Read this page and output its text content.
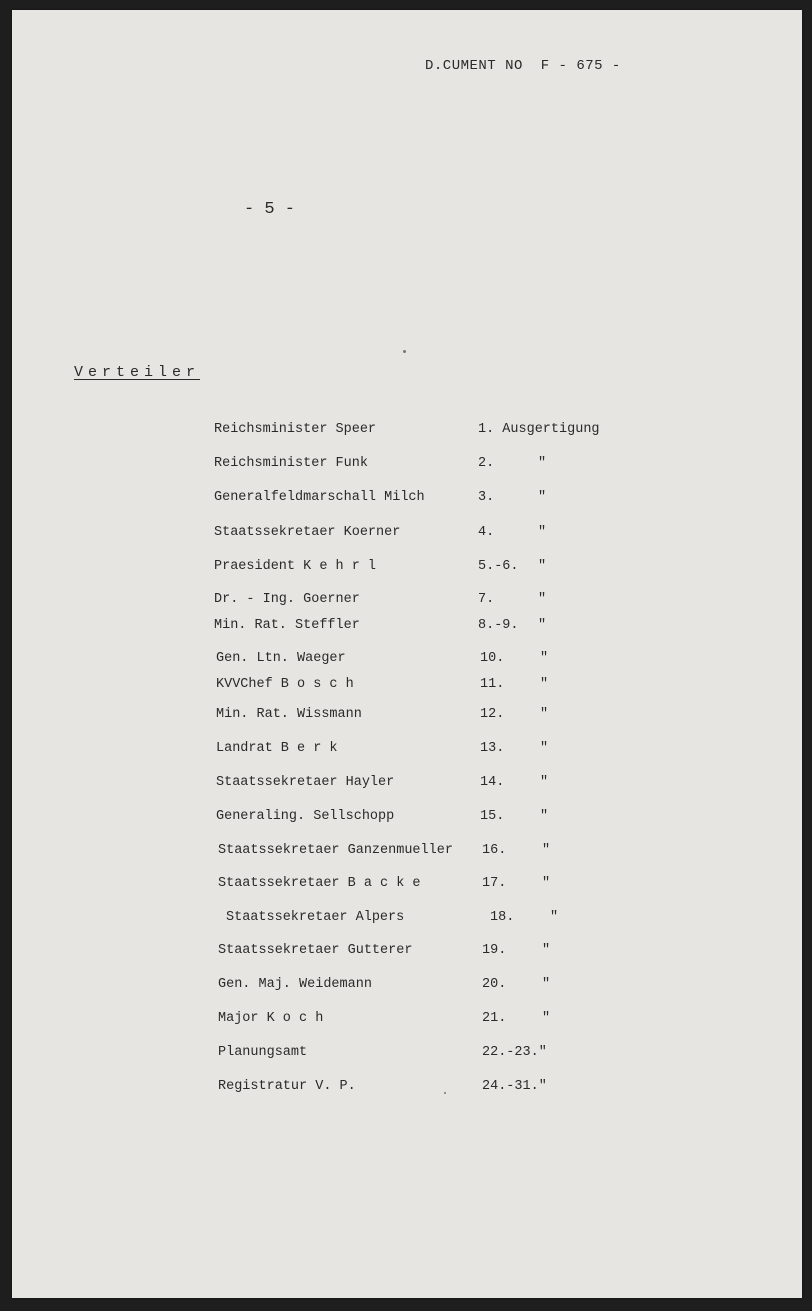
D.CUMENT NO  F - 675 -
- 5 -
Verteiler
Reichsminister Speer	1. Ausgertigung
Reichsminister Funk	2.	"
Generalfeldmarschall Milch	3.	"
Staatssekretaer Koerner	4.	"
Praesident K e h r l	5.-6. "
Dr. - Ing. Goerner	7.	"
Min. Rat. Steffler	8.-9. "
Gen. Ltn. Waeger	10.	"
KVVChef B o s c h	11.	"
Min. Rat. Wissmann	12.	"
Landrat B e r k	13.	"
Staatssekretaer Hayler	14.	"
Generaling. Sellschopp	15.	"
Staatssekretaer Ganzenmueller 16.	"
Staatssekretaer B a c k e	17.	"
Staatssekretaer Alpers	18.	"
Staatssekretaer Gutterer	19.	"
Gen. Maj. Weidemann	20.	"
Major K o c h	21.	"
Planungsamt	22.-23."
Registratur V. P.	24.-31."
